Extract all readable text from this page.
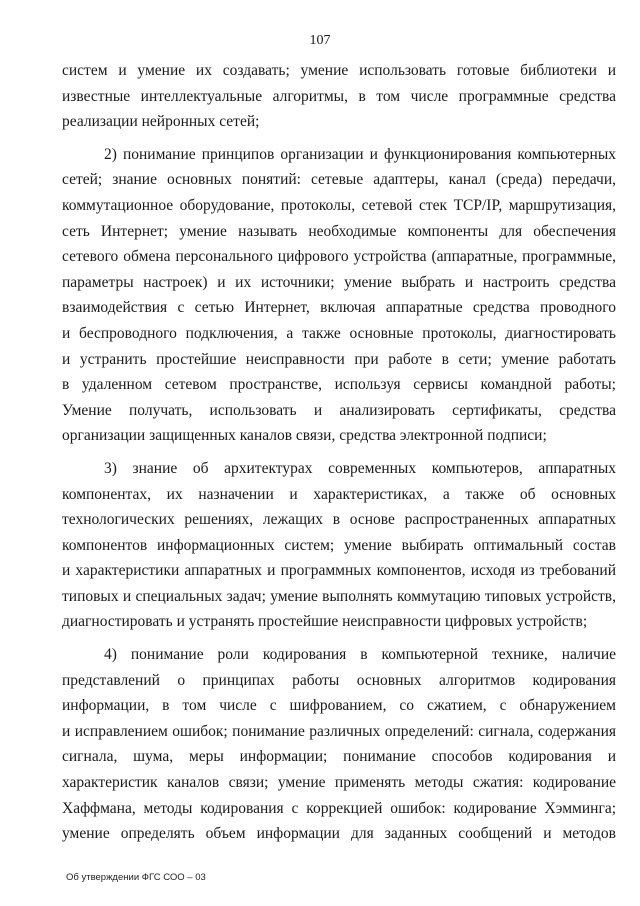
107
систем и умение их создавать; умение использовать готовые библиотеки и
известные интеллектуальные алгоритмы, в том числе программные средства
реализации нейронных сетей;
2) понимание принципов организации и функционирования компьютерных
сетей; знание основных понятий: сетевые адаптеры, канал (среда) передачи,
коммутационное оборудование, протоколы, сетевой стек TCP/IP, маршрутизация,
сеть Интернет; умение называть необходимые компоненты для обеспечения
сетевого обмена персонального цифрового устройства (аппаратные, программные,
параметры настроек) и их источники; умение выбрать и настроить средства
взаимодействия с сетью Интернет, включая аппаратные средства проводного
и беспроводного подключения, а также основные протоколы, диагностировать
и устранить простейшие неисправности при работе в сети; умение работать
в удаленном сетевом пространстве, используя сервисы командной работы;
Умение получать, использовать и анализировать сертификаты, средства
организации защищенных каналов связи, средства электронной подписи;
3) знание об архитектурах современных компьютеров, аппаратных
компонентах, их назначении и характеристиках, а также об основных
технологических решениях, лежащих в основе распространенных аппаратных
компонентов информационных систем; умение выбирать оптимальный состав
и характеристики аппаратных и программных компонентов, исходя из требований
типовых и специальных задач; умение выполнять коммутацию типовых устройств,
диагностировать и устранять простейшие неисправности цифровых устройств;
4) понимание роли кодирования в компьютерной технике, наличие
представлений о принципах работы основных алгоритмов кодирования
информации, в том числе с шифрованием, со сжатием, с обнаружением
и исправлением ошибок; понимание различных определений: сигнала, содержания
сигнала, шума, меры информации; понимание способов кодирования и
характеристик каналов связи; умение применять методы сжатия: кодирование
Хаффмана, методы кодирования с коррекцией ошибок: кодирование Хэмминга;
умение определять объем информации для заданных сообщений и методов
Об утверждении ФГС СОО – 03
